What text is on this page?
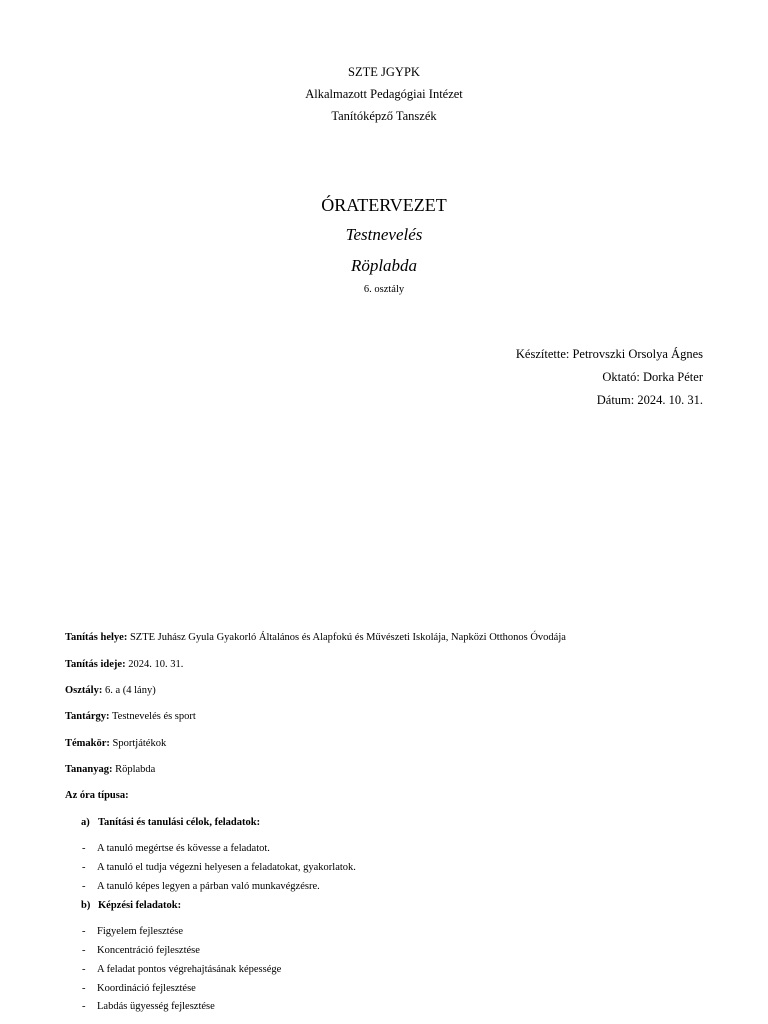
SZTE JGYPK
Alkalmazott Pedagógiai Intézet
Tanítóképző Tanszék
ÓRATERVEZET
Testnevelés
Röplabda
6. osztály
Készítette: Petrovszki Orsolya Ágnes
Oktató: Dorka Péter
Dátum: 2024. 10. 31.
Tanítás helye: SZTE Juhász Gyula Gyakorló Általános és Alapfokú és Művészeti Iskolája, Napközi Otthonos Óvodája
Tanítás ideje: 2024. 10. 31.
Osztály: 6. a (4 lány)
Tantárgy: Testnevelés és sport
Témakör: Sportjátékok
Tananyag: Röplabda
Az óra típusa:
a) Tanítási és tanulási célok, feladatok:
- A tanuló megértse és kövesse a feladatot.
- A tanuló el tudja végezni helyesen a feladatokat, gyakorlatok.
- A tanuló képes legyen a párban való munkavégzésre.
b) Képzési feladatok:
- Figyelem fejlesztése
- Koncentráció fejlesztése
- A feladat pontos végrehajtásának képessége
- Koordináció fejlesztése
- Labdás ügyesség fejlesztése
